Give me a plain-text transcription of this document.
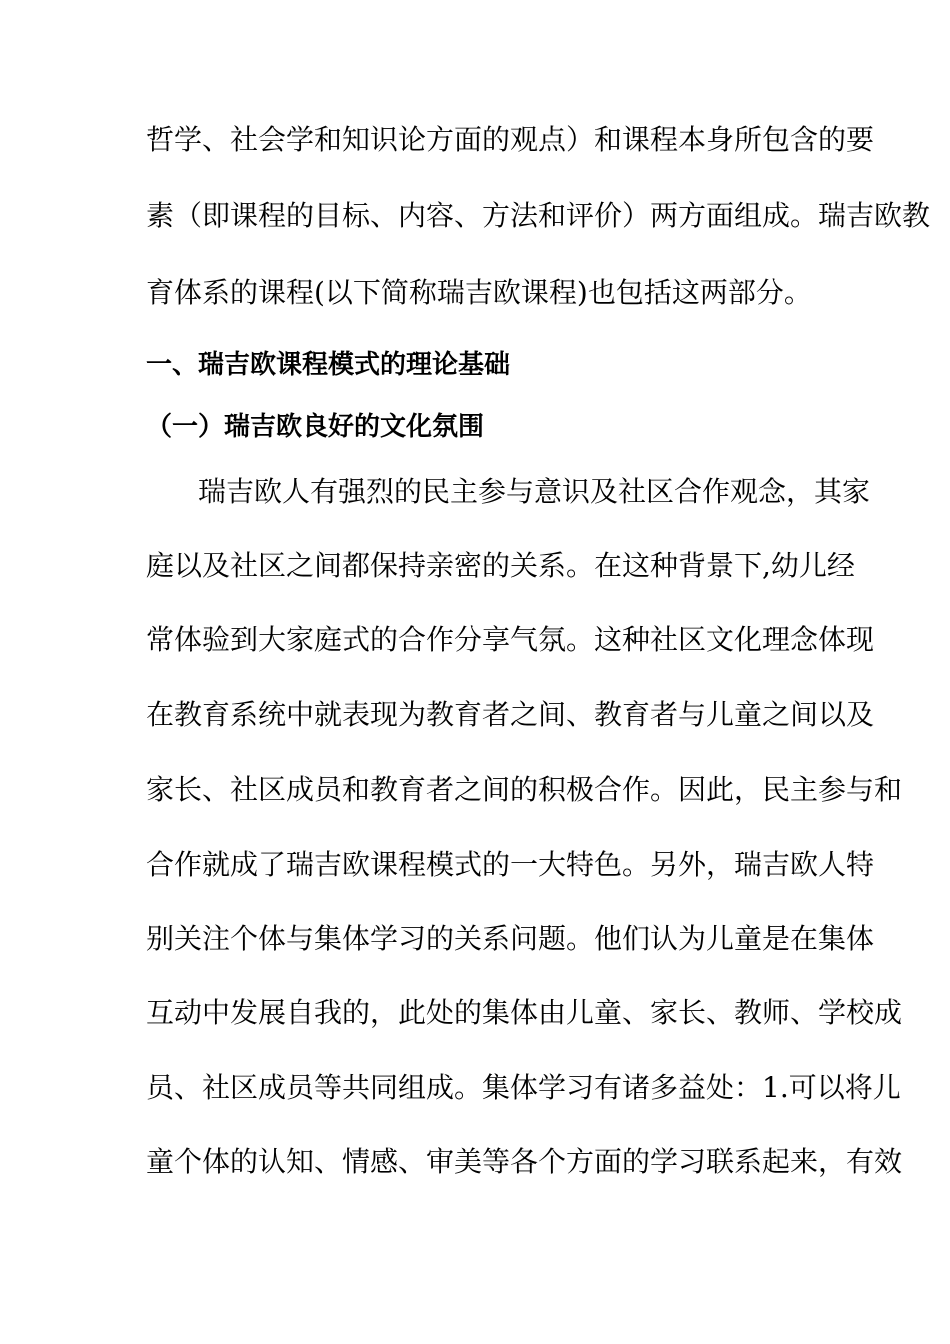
哲学、社会学和知识论方面的观点）和课程本身所包含的要
素（即课程的目标、内容、方法和评价）两方面组成。瑞吉欧教
育体系的课程(以下简称瑞吉欧课程)也包括这两部分。
一、瑞吉欧课程模式的理论基础
（一）瑞吉欧良好的文化氛围
瑞吉欧人有强烈的民主参与意识及社区合作观念，其家
庭以及社区之间都保持亲密的关系。在这种背景下,幼儿经
常体验到大家庭式的合作分享气氛。这种社区文化理念体现
在教育系统中就表现为教育者之间、教育者与儿童之间以及
家长、社区成员和教育者之间的积极合作。因此，民主参与和
合作就成了瑞吉欧课程模式的一大特色。另外，瑞吉欧人特
别关注个体与集体学习的关系问题。他们认为儿童是在集体
互动中发展自我的，此处的集体由儿童、家长、教师、学校成
员、社区成员等共同组成。集体学习有诸多益处：1.可以将儿
童个体的认知、情感、审美等各个方面的学习联系起来，有效
